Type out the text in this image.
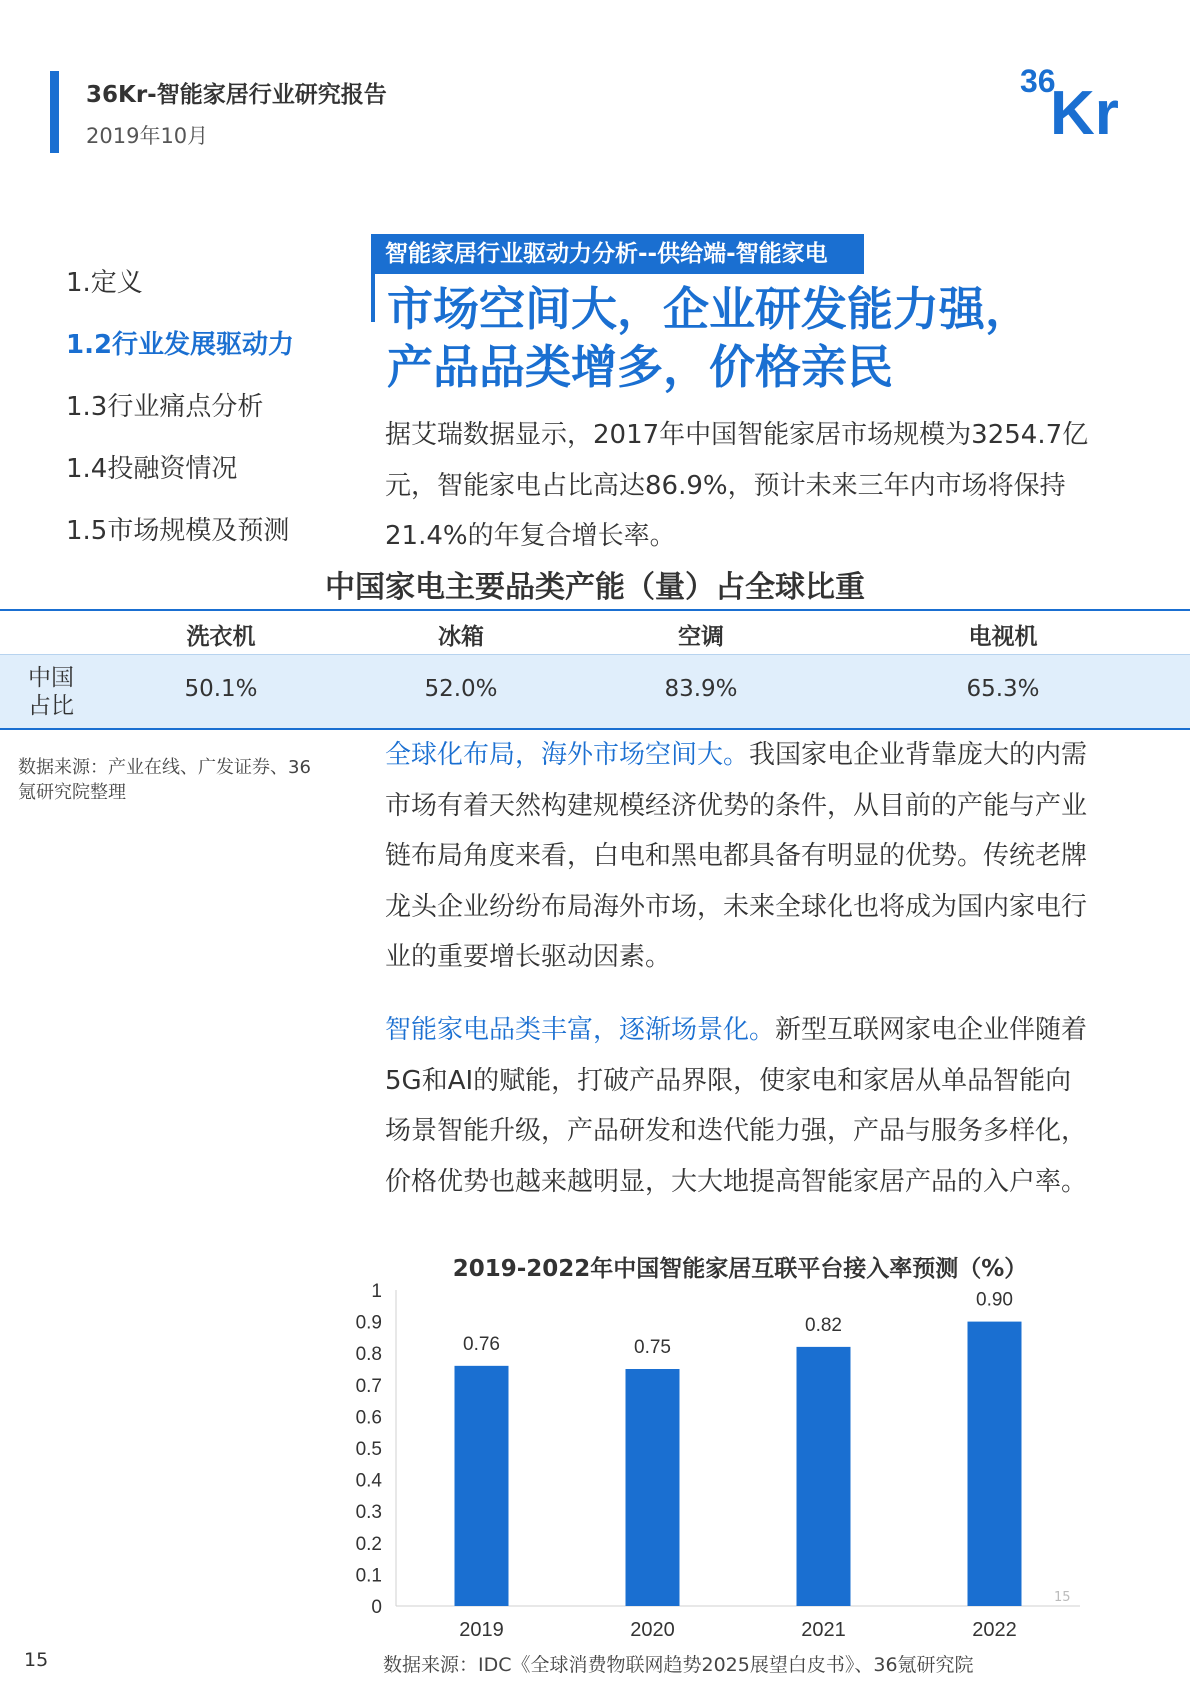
36Kr-智能家居行业研究报告
2019年10月
36
Kr
1.定义
1.2行业发展驱动力
1.3行业痛点分析
1.4投融资情况
1.5市场规模及预测
智能家居行业驱动力分析--供给端-智能家电
市场空间大，企业研发能力强，
产品品类增多，价格亲民
据艾瑞数据显示，2017年中国智能家居市场规模为3254.7亿元，智能家电占比高达86.9%，预计未来三年内市场将保持21.4%的年复合增长率。
中国家电主要品类产能（量）占全球比重
洗衣机	冰箱	空调	电视机
中国
占比
50.1%	52.0%	83.9%	65.3%
数据来源：产业在线、广发证券、36氪研究院整理
全球化布局，海外市场空间大。我国家电企业背靠庞大的内需市场有着天然构建规模经济优势的条件，从目前的产能与产业链布局角度来看，白电和黑电都具备有明显的优势。传统老牌龙头企业纷纷布局海外市场，未来全球化也将成为国内家电行业的重要增长驱动因素。
智能家电品类丰富，逐渐场景化。新型互联网家电企业伴随着5G和AI的赋能，打破产品界限，使家电和家居从单品智能向场景智能升级，产品研发和迭代能力强，产品与服务多样化，价格优势也越来越明显，大大地提高智能家居产品的入户率。
2019-2022年中国智能家居互联平台接入率预测（%）
0
0.1
0.2
0.3
0.4
0.5
0.6
0.7
0.8
0.9
1
0.76
2019
0.75
2020
0.82
2021
0.90
2022
数据来源：IDC《全球消费物联网趋势2025展望白皮书》、36氪研究院
15
15
